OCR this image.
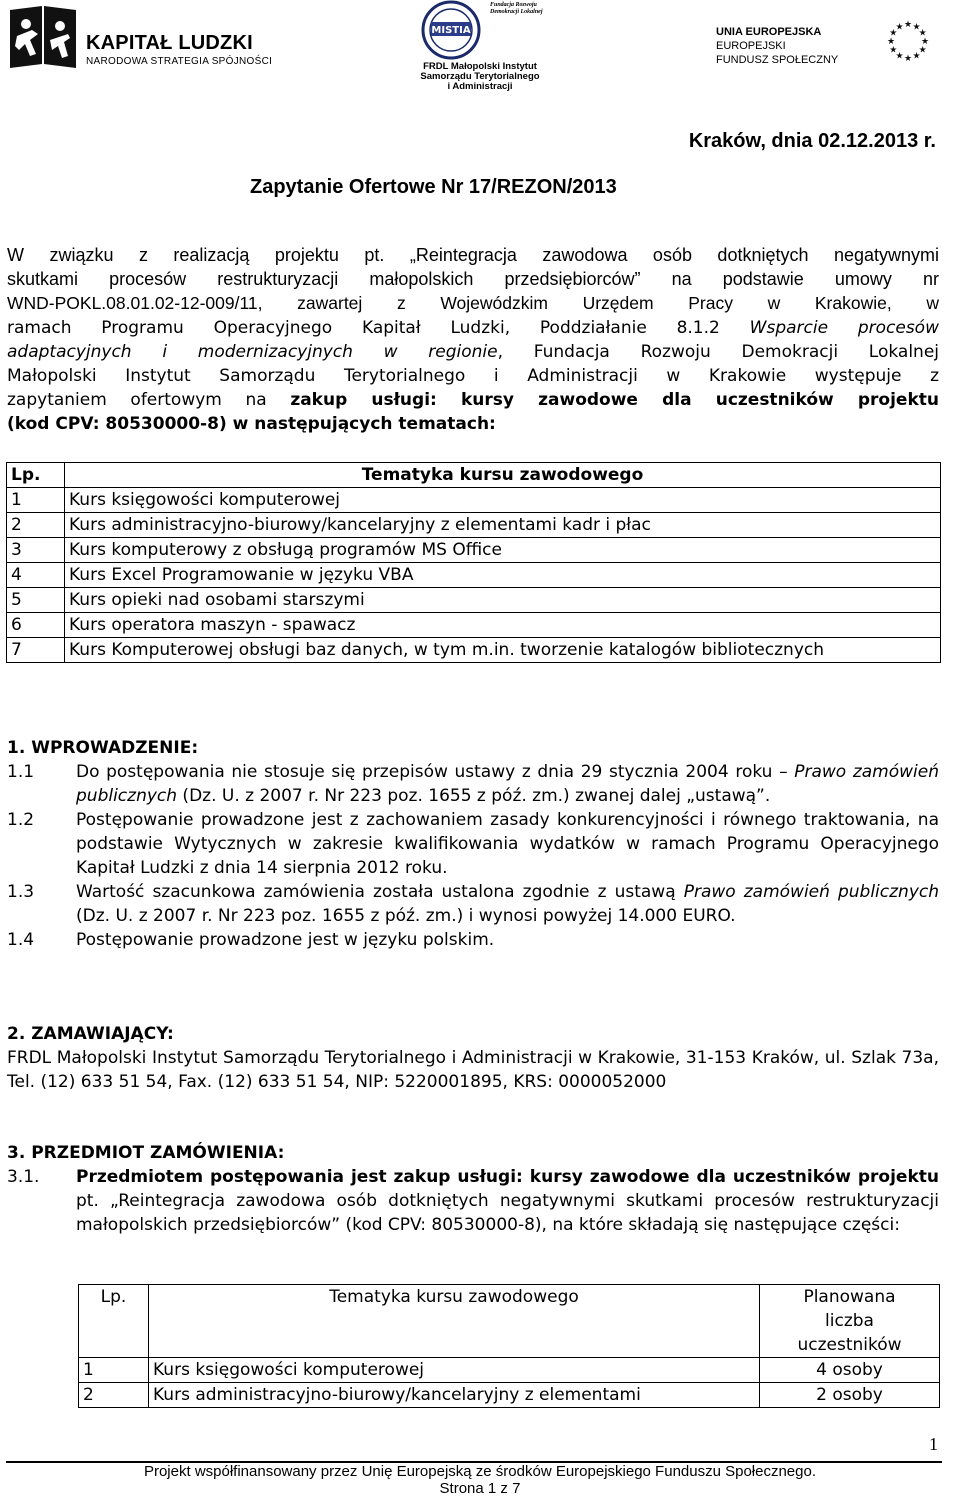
KAPITAŁ LUDZKI
NARODOWA STRATEGIA SPÓJNOŚCI
MISTIA
Fundacja Rozwoju
Demokracji Lokalnej
FRDL Małopolski Instytut
Samorządu Terytorialnego
i Administracji
UNIA EUROPEJSKA
EUROPEJSKI
FUNDUSZ SPOŁECZNY
★
★
★
★
★
★
★
★
★ ★ ★
★
Kraków, dnia 02.12.2013 r.
Zapytanie Ofertowe Nr 17/REZON/2013
W związku z realizacją projektu pt. „Reintegracja zawodowa osób dotkniętych negatywnymi
skutkami procesów restrukturyzacji małopolskich przedsiębiorców” na podstawie umowy nr
WND-POKL.08.01.02-12-009/11, zawartej z Wojewódzkim Urzędem Pracy w Krakowie, w
ramach Programu Operacyjnego Kapitał Ludzki, Poddziałanie 8.1.2 Wsparcie procesów
adaptacyjnych i modernizacyjnych w regionie, Fundacja Rozwoju Demokracji Lokalnej
Małopolski Instytut Samorządu Terytorialnego i Administracji w Krakowie występuje z
zapytaniem ofertowym na zakup usługi: kursy zawodowe dla uczestników projektu
(kod CPV: 80530000-8) w następujących tematach:
Lp.	Tematyka kursu zawodowego
1	Kurs księgowości komputerowej
2	Kurs administracyjno-biurowy/kancelaryjny z elementami kadr i płac
3	Kurs komputerowy z obsługą programów MS Office
4	Kurs Excel Programowanie w języku VBA
5	Kurs opieki nad osobami starszymi
6	Kurs operatora maszyn - spawacz
7	Kurs Komputerowej obsługi baz danych, w tym m.in. tworzenie katalogów bibliotecznych
1. WPROWADZENIE:
1.1 Do postępowania nie stosuje się przepisów ustawy z dnia 29 stycznia 2004 roku – Prawo zamówień publicznych (Dz. U. z 2007 r. Nr 223 poz. 1655 z póź. zm.) zwanej dalej „ustawą”.
1.2 Postępowanie prowadzone jest z zachowaniem zasady konkurencyjności i równego traktowania, na podstawie Wytycznych w zakresie kwalifikowania wydatków w ramach Programu Operacyjnego Kapitał Ludzki z dnia 14 sierpnia 2012 roku.
1.3 Wartość szacunkowa zamówienia została ustalona zgodnie z ustawą Prawo zamówień publicznych (Dz. U. z 2007 r. Nr 223 poz. 1655 z póź. zm.) i wynosi powyżej 14.000 EURO.
1.4 Postępowanie prowadzone jest w języku polskim.
2. ZAMAWIAJĄCY:
FRDL Małopolski Instytut Samorządu Terytorialnego i Administracji w Krakowie, 31-153 Kraków, ul. Szlak 73a, Tel. (12) 633 51 54, Fax. (12) 633 51 54, NIP: 5220001895, KRS: 0000052000
3. PRZEDMIOT ZAMÓWIENIA:
3.1. Przedmiotem postępowania jest zakup usługi: kursy zawodowe dla uczestników projektu pt. „Reintegracja zawodowa osób dotkniętych negatywnymi skutkami procesów restrukturyzacji małopolskich przedsiębiorców” (kod CPV: 80530000-8), na które składają się następujące części:
Lp.	Tematyka kursu zawodowego	Planowana liczba uczestników
1	Kurs księgowości komputerowej	4 osoby
2	Kurs administracyjno-biurowy/kancelaryjny z elementami	2 osoby
1
Projekt współfinansowany przez Unię Europejską ze środków Europejskiego Funduszu Społecznego.
Strona 1 z 7
